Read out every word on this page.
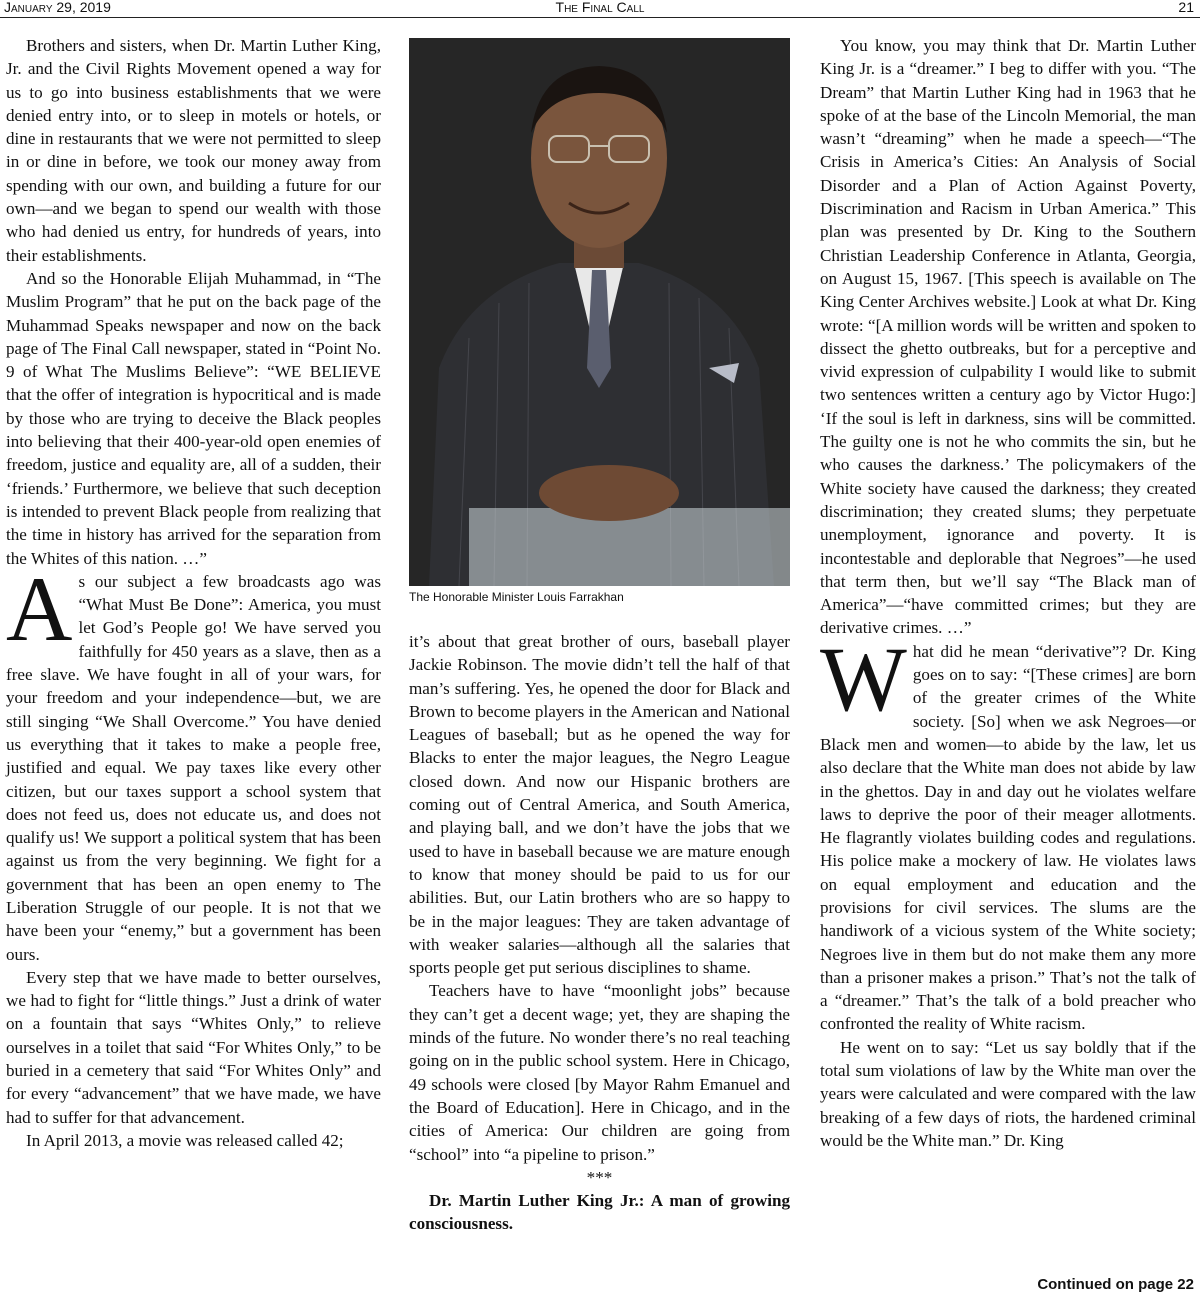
January 29, 2019	The Final Call	21

Brothers and sisters, when Dr. Martin Luther King, Jr. and the Civil Rights Movement opened a way for us to go into business establishments that we were denied entry into, or to sleep in motels or hotels, or dine in restaurants that we were not permitted to sleep in or dine in before, we took our money away from spending with our own, and building a future for our own—and we began to spend our wealth with those who had denied us entry, for hundreds of years, into their establishments.

And so the Honorable Elijah Muhammad, in “The Muslim Program” that he put on the back page of the Muhammad Speaks newspaper and now on the back page of The Final Call newspaper, stated in “Point No. 9 of What The Muslims Believe”: “WE BELIEVE that the offer of integration is hypocritical and is made by those who are trying to deceive the Black peoples into believing that their 400-year-old open enemies of freedom, justice and equality are, all of a sudden, their ‘friends.’ Furthermore, we believe that such deception is intended to prevent Black people from realizing that the time in history has arrived for the separation from the Whites of this nation. …”

As our subject a few broadcasts ago was “What Must Be Done”: America, you must let God’s People go! We have served you faithfully for 450 years as a slave, then as a free slave. We have fought in all of your wars, for your freedom and your independence—but, we are still singing “We Shall Overcome.” You have denied us everything that it takes to make a people free, justified and equal. We pay taxes like every other citizen, but our taxes support a school system that does not feed us, does not educate us, and does not qualify us! We support a political system that has been against us from the very beginning. We fight for a government that has been an open enemy to The Liberation Struggle of our people. It is not that we have been your “enemy,” but a government has been ours.

Every step that we have made to better ourselves, we had to fight for “little things.” Just a drink of water on a fountain that says “Whites Only,” to relieve ourselves in a toilet that said “For Whites Only,” to be buried in a cemetery that said “For Whites Only” and for every “advancement” that we have made, we have had to suffer for that advancement.

In April 2013, a movie was released called 42;

The Honorable Minister Louis Farrakhan

it’s about that great brother of ours, baseball player Jackie Robinson. The movie didn’t tell the half of that man’s suffering. Yes, he opened the door for Black and Brown to become players in the American and National Leagues of baseball; but as he opened the way for Blacks to enter the major leagues, the Negro League closed down. And now our Hispanic brothers are coming out of Central America, and South America, and playing ball, and we don’t have the jobs that we used to have in baseball because we are mature enough to know that money should be paid to us for our abilities. But, our Latin brothers who are so happy to be in the major leagues: They are taken advantage of with weaker salaries—although all the salaries that sports people get put serious disciplines to shame.

Teachers have to have “moonlight jobs” because they can’t get a decent wage; yet, they are shaping the minds of the future. No wonder there’s no real teaching going on in the public school system. Here in Chicago, 49 schools were closed [by Mayor Rahm Emanuel and the Board of Education]. Here in Chicago, and in the cities of America: Our children are going from “school” into “a pipeline to prison.”

***

Dr. Martin Luther King Jr.: A man of growing consciousness.

You know, you may think that Dr. Martin Luther King Jr. is a “dreamer.” I beg to differ with you. “The Dream” that Martin Luther King had in 1963 that he spoke of at the base of the Lincoln Memorial, the man wasn’t “dreaming” when he made a speech—“The Crisis in America’s Cities: An Analysis of Social Disorder and a Plan of Action Against Poverty, Discrimination and Racism in Urban America.” This plan was presented by Dr. King to the Southern Christian Leadership Conference in Atlanta, Georgia, on August 15, 1967. [This speech is available on The King Center Archives website.] Look at what Dr. King wrote: “[A million words will be written and spoken to dissect the ghetto outbreaks, but for a perceptive and vivid expression of culpability I would like to submit two sentences written a century ago by Victor Hugo:] ‘If the soul is left in darkness, sins will be committed. The guilty one is not he who commits the sin, but he who causes the darkness.’ The policymakers of the White society have caused the darkness; they created discrimination; they created slums; they perpetuate unemployment, ignorance and poverty. It is incontestable and deplorable that Negroes”—he used that term then, but we’ll say “The Black man of America”—“have committed crimes; but they are derivative crimes. …”

What did he mean “derivative”? Dr. King goes on to say: “[These crimes] are born of the greater crimes of the White society. [So] when we ask Negroes—or Black men and women—to abide by the law, let us also declare that the White man does not abide by law in the ghettos. Day in and day out he violates welfare laws to deprive the poor of their meager allotments. He flagrantly violates building codes and regulations. His police make a mockery of law. He violates laws on equal employment and education and the provisions for civil services. The slums are the handiwork of a vicious system of the White society; Negroes live in them but do not make them any more than a prisoner makes a prison.” That’s not the talk of a “dreamer.” That’s the talk of a bold preacher who confronted the reality of White racism.

He went on to say: “Let us say boldly that if the total sum violations of law by the White man over the years were calculated and were compared with the law breaking of a few days of riots, the hardened criminal would be the White man.” Dr. King

Continued on page 22
